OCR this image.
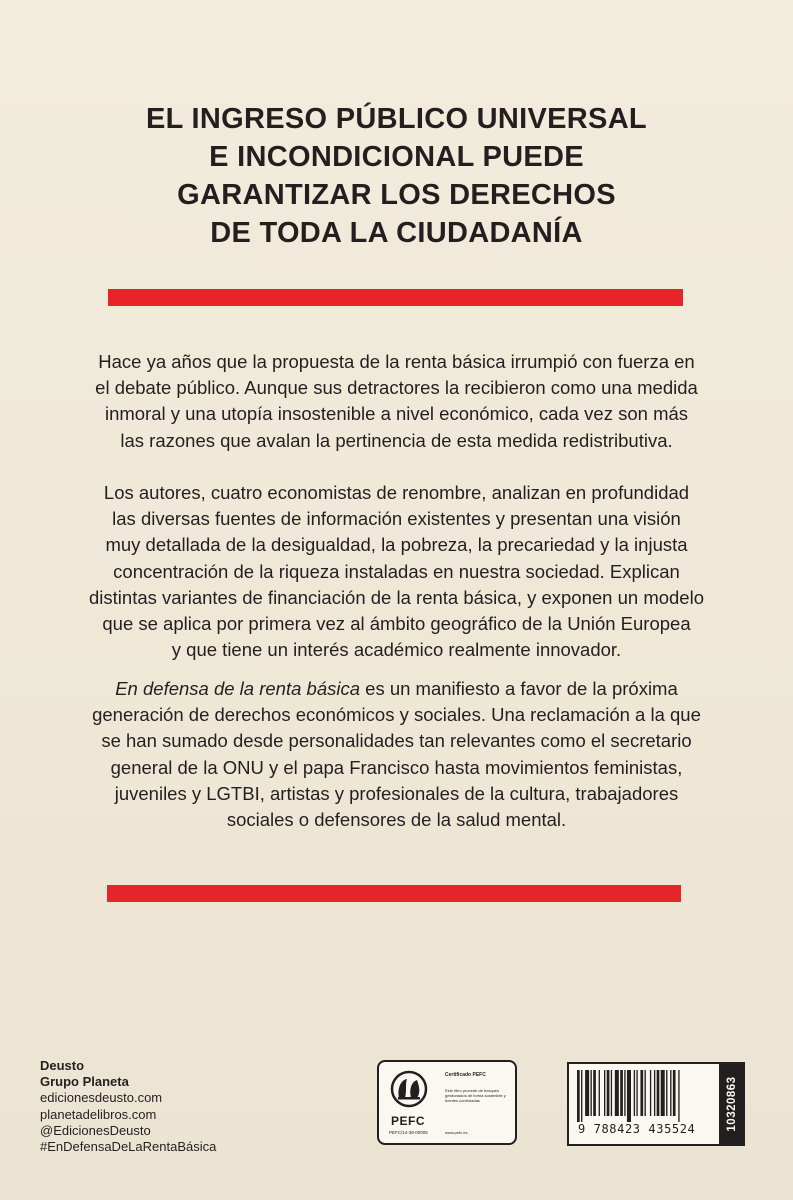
EL INGRESO PÚBLICO UNIVERSAL
E INCONDICIONAL PUEDE
GARANTIZAR LOS DERECHOS
DE TODA LA CIUDADANÍA
Hace ya años que la propuesta de la renta básica irrumpió con fuerza en
el debate público. Aunque sus detractores la recibieron como una medida
inmoral y una utopía insostenible a nivel económico, cada vez son más
las razones que avalan la pertinencia de esta medida redistributiva.
Los autores, cuatro economistas de renombre, analizan en profundidad
las diversas fuentes de información existentes y presentan una visión
muy detallada de la desigualdad, la pobreza, la precariedad y la injusta
concentración de la riqueza instaladas en nuestra sociedad. Explican
distintas variantes de financiación de la renta básica, y exponen un modelo
que se aplica por primera vez al ámbito geográfico de la Unión Europea
y que tiene un interés académico realmente innovador.
En defensa de la renta básica es un manifiesto a favor de la próxima
generación de derechos económicos y sociales. Una reclamación a la que
se han sumado desde personalidades tan relevantes como el secretario
general de la ONU y el papa Francisco hasta movimientos feministas,
juveniles y LGTBI, artistas y profesionales de la cultura, trabajadores
sociales o defensores de la salud mental.
Deusto
Grupo Planeta
edicionesdeusto.com
planetadelibros.com
@EdicionesDeusto
#EnDefensaDeLaRentaBásica
PEFC
PEFC/14-38-00005
Certificado PEFC
Este libro procede de bosques gestionados de forma sostenible y fuentes controladas
www.pefc.es	9 788423 435524	10320863
